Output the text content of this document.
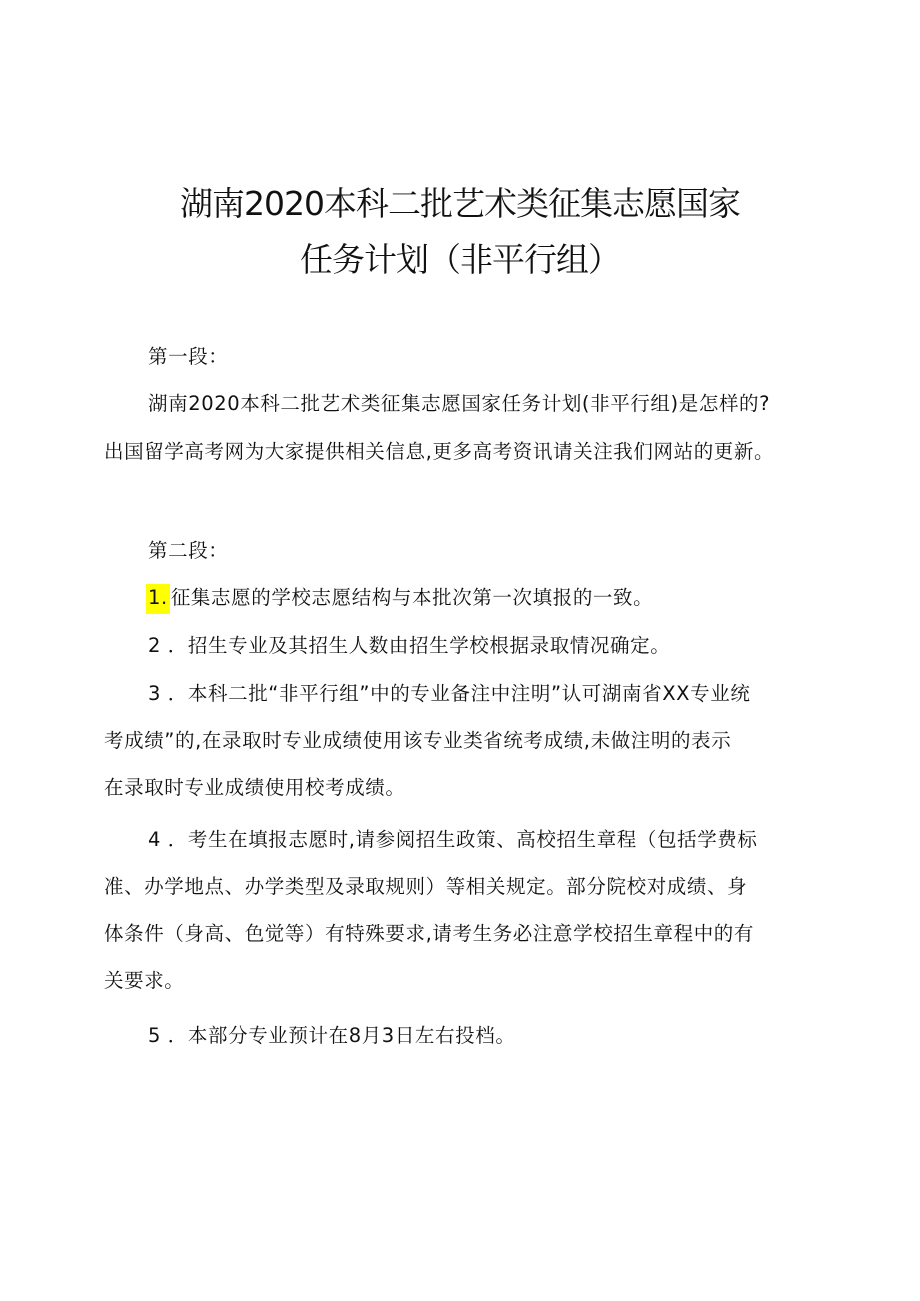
湖南2020本科二批艺术类征集志愿国家
任务计划（非平行组）

第一段：

湖南2020本科二批艺术类征集志愿国家任务计划(非平行组)是怎样的?

出国留学高考网为大家提供相关信息,更多高考资讯请关注我们网站的更新。

第二段：

1. 征集志愿的学校志愿结构与本批次第一次填报的一致。

2 ．招生专业及其招生人数由招生学校根据录取情况确定。

3 ．本科二批“非平行组”中的专业备注中注明”认可湖南省XX专业统

考成绩”的,在录取时专业成绩使用该专业类省统考成绩,未做注明的表示

在录取时专业成绩使用校考成绩。

4 ．考生在填报志愿时,请参阅招生政策、高校招生章程（包括学费标

准、办学地点、办学类型及录取规则）等相关规定。部分院校对成绩、身

体条件（身高、色觉等）有特殊要求,请考生务必注意学校招生章程中的有

关要求。

5 ．本部分专业预计在8月3日左右投档。
